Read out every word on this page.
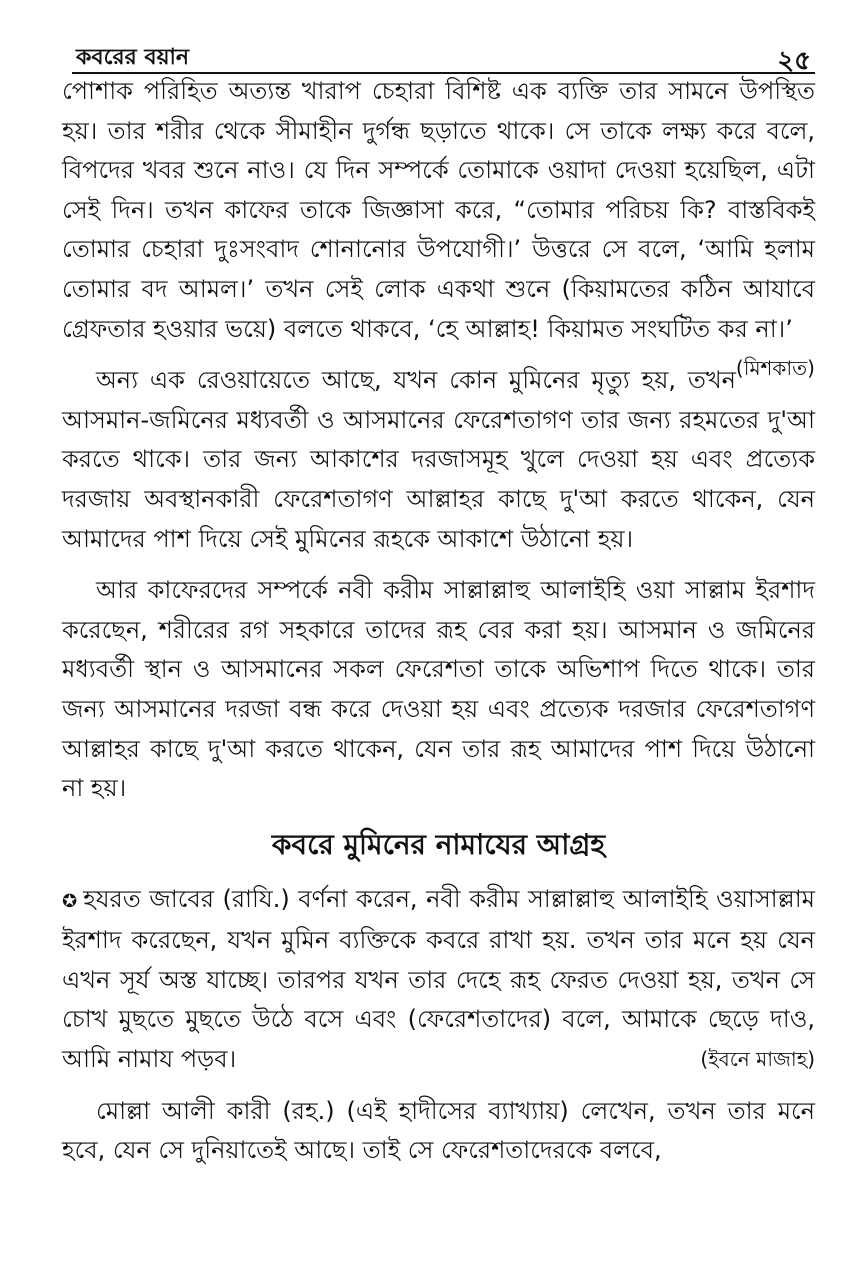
কবরের বয়ান	২৫

পোশাক পরিহিত অত্যন্ত খারাপ চেহারা বিশিষ্ট এক ব্যক্তি তার সামনে উপস্থিত হয়। তার শরীর থেকে সীমাহীন দুর্গন্ধ ছড়াতে থাকে। সে তাকে লক্ষ্য করে বলে, বিপদের খবর শুনে নাও। যে দিন সম্পর্কে তোমাকে ওয়াদা দেওয়া হয়েছিল, এটা সেই দিন। তখন কাফের তাকে জিজ্ঞাসা করে, “তোমার পরিচয় কি? বাস্তবিকই তোমার চেহারা দুঃসংবাদ শোনানোর উপযোগী।’ উত্তরে সে বলে, ‘আমি হলাম তোমার বদ আমল।’ তখন সেই লোক একথা শুনে (কিয়ামতের কঠিন আযাবে গ্রেফতার হওয়ার ভয়ে) বলতে থাকবে, ‘হে আল্লাহ! কিয়ামত সংঘটিত কর না।’
(মিশকাত)

অন্য এক রেওয়ায়েতে আছে, যখন কোন মুমিনের মৃত্যু হয়, তখন আসমান-জমিনের মধ্যবর্তী ও আসমানের ফেরেশতাগণ তার জন্য রহমতের দু'আ করতে থাকে। তার জন্য আকাশের দরজাসমূহ খুলে দেওয়া হয় এবং প্রত্যেক দরজায় অবস্থানকারী ফেরেশতাগণ আল্লাহর কাছে দু'আ করতে থাকেন, যেন আমাদের পাশ দিয়ে সেই মুমিনের রূহকে আকাশে উঠানো হয়।

আর কাফেরদের সম্পর্কে নবী করীম সাল্লাল্লাহু আলাইহি ওয়া সাল্লাম ইরশাদ করেছেন, শরীরের রগ সহকারে তাদের রূহ বের করা হয়। আসমান ও জমিনের মধ্যবর্তী স্থান ও আসমানের সকল ফেরেশতা তাকে অভিশাপ দিতে থাকে। তার জন্য আসমানের দরজা বন্ধ করে দেওয়া হয় এবং প্রত্যেক দরজার ফেরেশতাগণ আল্লাহর কাছে দু'আ করতে থাকেন, যেন তার রূহ আমাদের পাশ দিয়ে উঠানো না হয়।

কবরে মুমিনের নামাযের আগ্রহ

✪ হযরত জাবের (রাযি.) বর্ণনা করেন, নবী করীম সাল্লাল্লাহু আলাইহি ওয়াসাল্লাম ইরশাদ করেছেন, যখন মুমিন ব্যক্তিকে কবরে রাখা হয়. তখন তার মনে হয় যেন এখন সূর্য অস্ত যাচ্ছে। তারপর যখন তার দেহে রূহ ফেরত দেওয়া হয়, তখন সে চোখ মুছতে মুছতে উঠে বসে এবং (ফেরেশতাদের) বলে, আমাকে ছেড়ে দাও, আমি নামায পড়ব।	(ইবনে মাজাহ)

মোল্লা আলী কারী (রহ.) (এই হাদীসের ব্যাখ্যায়) লেখেন, তখন তার মনে হবে, যেন সে দুনিয়াতেই আছে। তাই সে ফেরেশতাদেরকে বলবে,
